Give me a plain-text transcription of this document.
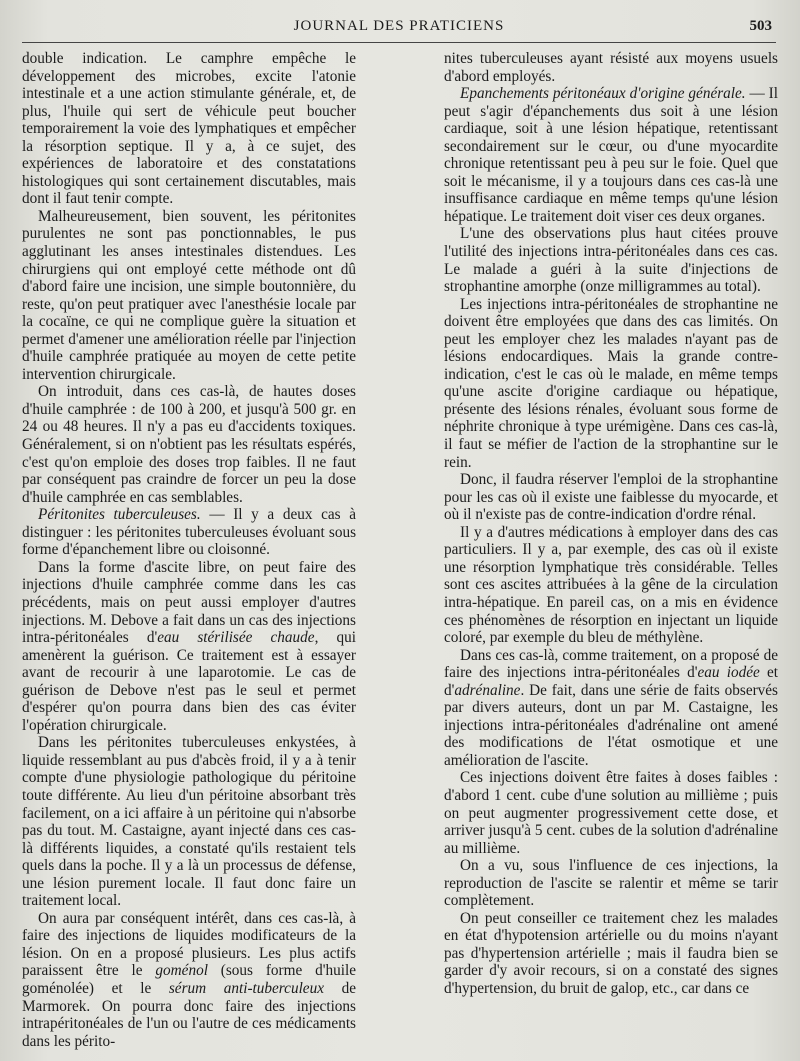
JOURNAL DES PRATICIENS	503

double indication. Le camphre empêche le développement des microbes, excite l'atonie intestinale et a une action stimulante générale, et, de plus, l'huile qui sert de véhicule peut boucher temporairement la voie des lymphatiques et empêcher la résorption septique. Il y a, à ce sujet, des expériences de laboratoire et des constatations histologiques qui sont certainement discutables, mais dont il faut tenir compte.

Malheureusement, bien souvent, les péritonites purulentes ne sont pas ponctionnables, le pus agglutinant les anses intestinales distendues. Les chirurgiens qui ont employé cette méthode ont dû d'abord faire une incision, une simple boutonnière, du reste, qu'on peut pratiquer avec l'anesthésie locale par la cocaïne, ce qui ne complique guère la situation et permet d'amener une amélioration réelle par l'injection d'huile camphrée pratiquée au moyen de cette petite intervention chirurgicale.

On introduit, dans ces cas-là, de hautes doses d'huile camphrée : de 100 à 200, et jusqu'à 500 gr. en 24 ou 48 heures. Il n'y a pas eu d'accidents toxiques. Généralement, si on n'obtient pas les résultats espérés, c'est qu'on emploie des doses trop faibles. Il ne faut par conséquent pas craindre de forcer un peu la dose d'huile camphrée en cas semblables.

Péritonites tuberculeuses. — Il y a deux cas à distinguer : les péritonites tuberculeuses évoluant sous forme d'épanchement libre ou cloisonné.

Dans la forme d'ascite libre, on peut faire des injections d'huile camphrée comme dans les cas précédents, mais on peut aussi employer d'autres injections. M. Debove a fait dans un cas des injections intra-péritonéales d'eau stérilisée chaude, qui amenèrent la guérison. Ce traitement est à essayer avant de recourir à une laparotomie. Le cas de guérison de Debove n'est pas le seul et permet d'espérer qu'on pourra dans bien des cas éviter l'opération chirurgicale.

Dans les péritonites tuberculeuses enkystées, à liquide ressemblant au pus d'abcès froid, il y a à tenir compte d'une physiologie pathologique du péritoine toute différente. Au lieu d'un péritoine absorbant très facilement, on a ici affaire à un péritoine qui n'absorbe pas du tout. M. Castaigne, ayant injecté dans ces cas-là différents liquides, a constaté qu'ils restaient tels quels dans la poche. Il y a là un processus de défense, une lésion purement locale. Il faut donc faire un traitement local.

On aura par conséquent intérêt, dans ces cas-là, à faire des injections de liquides modificateurs de la lésion. On en a proposé plusieurs. Les plus actifs paraissent être le goménol (sous forme d'huile goménolée) et le sérum anti-tuberculeux de Marmorek. On pourra donc faire des injections intrapéritonéales de l'un ou l'autre de ces médicaments dans les périto-

nites tuberculeuses ayant résisté aux moyens usuels d'abord employés.

Epanchements péritonéaux d'origine générale. — Il peut s'agir d'épanchements dus soit à une lésion cardiaque, soit à une lésion hépatique, retentissant secondairement sur le cœur, ou d'une myocardite chronique retentissant peu à peu sur le foie. Quel que soit le mécanisme, il y a toujours dans ces cas-là une insuffisance cardiaque en même temps qu'une lésion hépatique. Le traitement doit viser ces deux organes.

L'une des observations plus haut citées prouve l'utilité des injections intra-péritonéales dans ces cas. Le malade a guéri à la suite d'injections de strophantine amorphe (onze milligrammes au total).

Les injections intra-péritonéales de strophantine ne doivent être employées que dans des cas limités. On peut les employer chez les malades n'ayant pas de lésions endocardiques. Mais la grande contre-indication, c'est le cas où le malade, en même temps qu'une ascite d'origine cardiaque ou hépatique, présente des lésions rénales, évoluant sous forme de néphrite chronique à type urémigène. Dans ces cas-là, il faut se méfier de l'action de la strophantine sur le rein.

Donc, il faudra réserver l'emploi de la strophantine pour les cas où il existe une faiblesse du myocarde, et où il n'existe pas de contre-indication d'ordre rénal.

Il y a d'autres médications à employer dans des cas particuliers. Il y a, par exemple, des cas où il existe une résorption lymphatique très considérable. Telles sont ces ascites attribuées à la gêne de la circulation intra-hépatique. En pareil cas, on a mis en évidence ces phénomènes de résorption en injectant un liquide coloré, par exemple du bleu de méthylène.

Dans ces cas-là, comme traitement, on a proposé de faire des injections intra-péritonéales d'eau iodée et d'adrénaline. De fait, dans une série de faits observés par divers auteurs, dont un par M. Castaigne, les injections intra-péritonéales d'adrénaline ont amené des modifications de l'état osmotique et une amélioration de l'ascite.

Ces injections doivent être faites à doses faibles : d'abord 1 cent. cube d'une solution au millième ; puis on peut augmenter progressivement cette dose, et arriver jusqu'à 5 cent. cubes de la solution d'adrénaline au millième.

On a vu, sous l'influence de ces injections, la reproduction de l'ascite se ralentir et même se tarir complètement.

On peut conseiller ce traitement chez les malades en état d'hypotension artérielle ou du moins n'ayant pas d'hypertension artérielle ; mais il faudra bien se garder d'y avoir recours, si on a constaté des signes d'hypertension, du bruit de galop, etc., car dans ce
